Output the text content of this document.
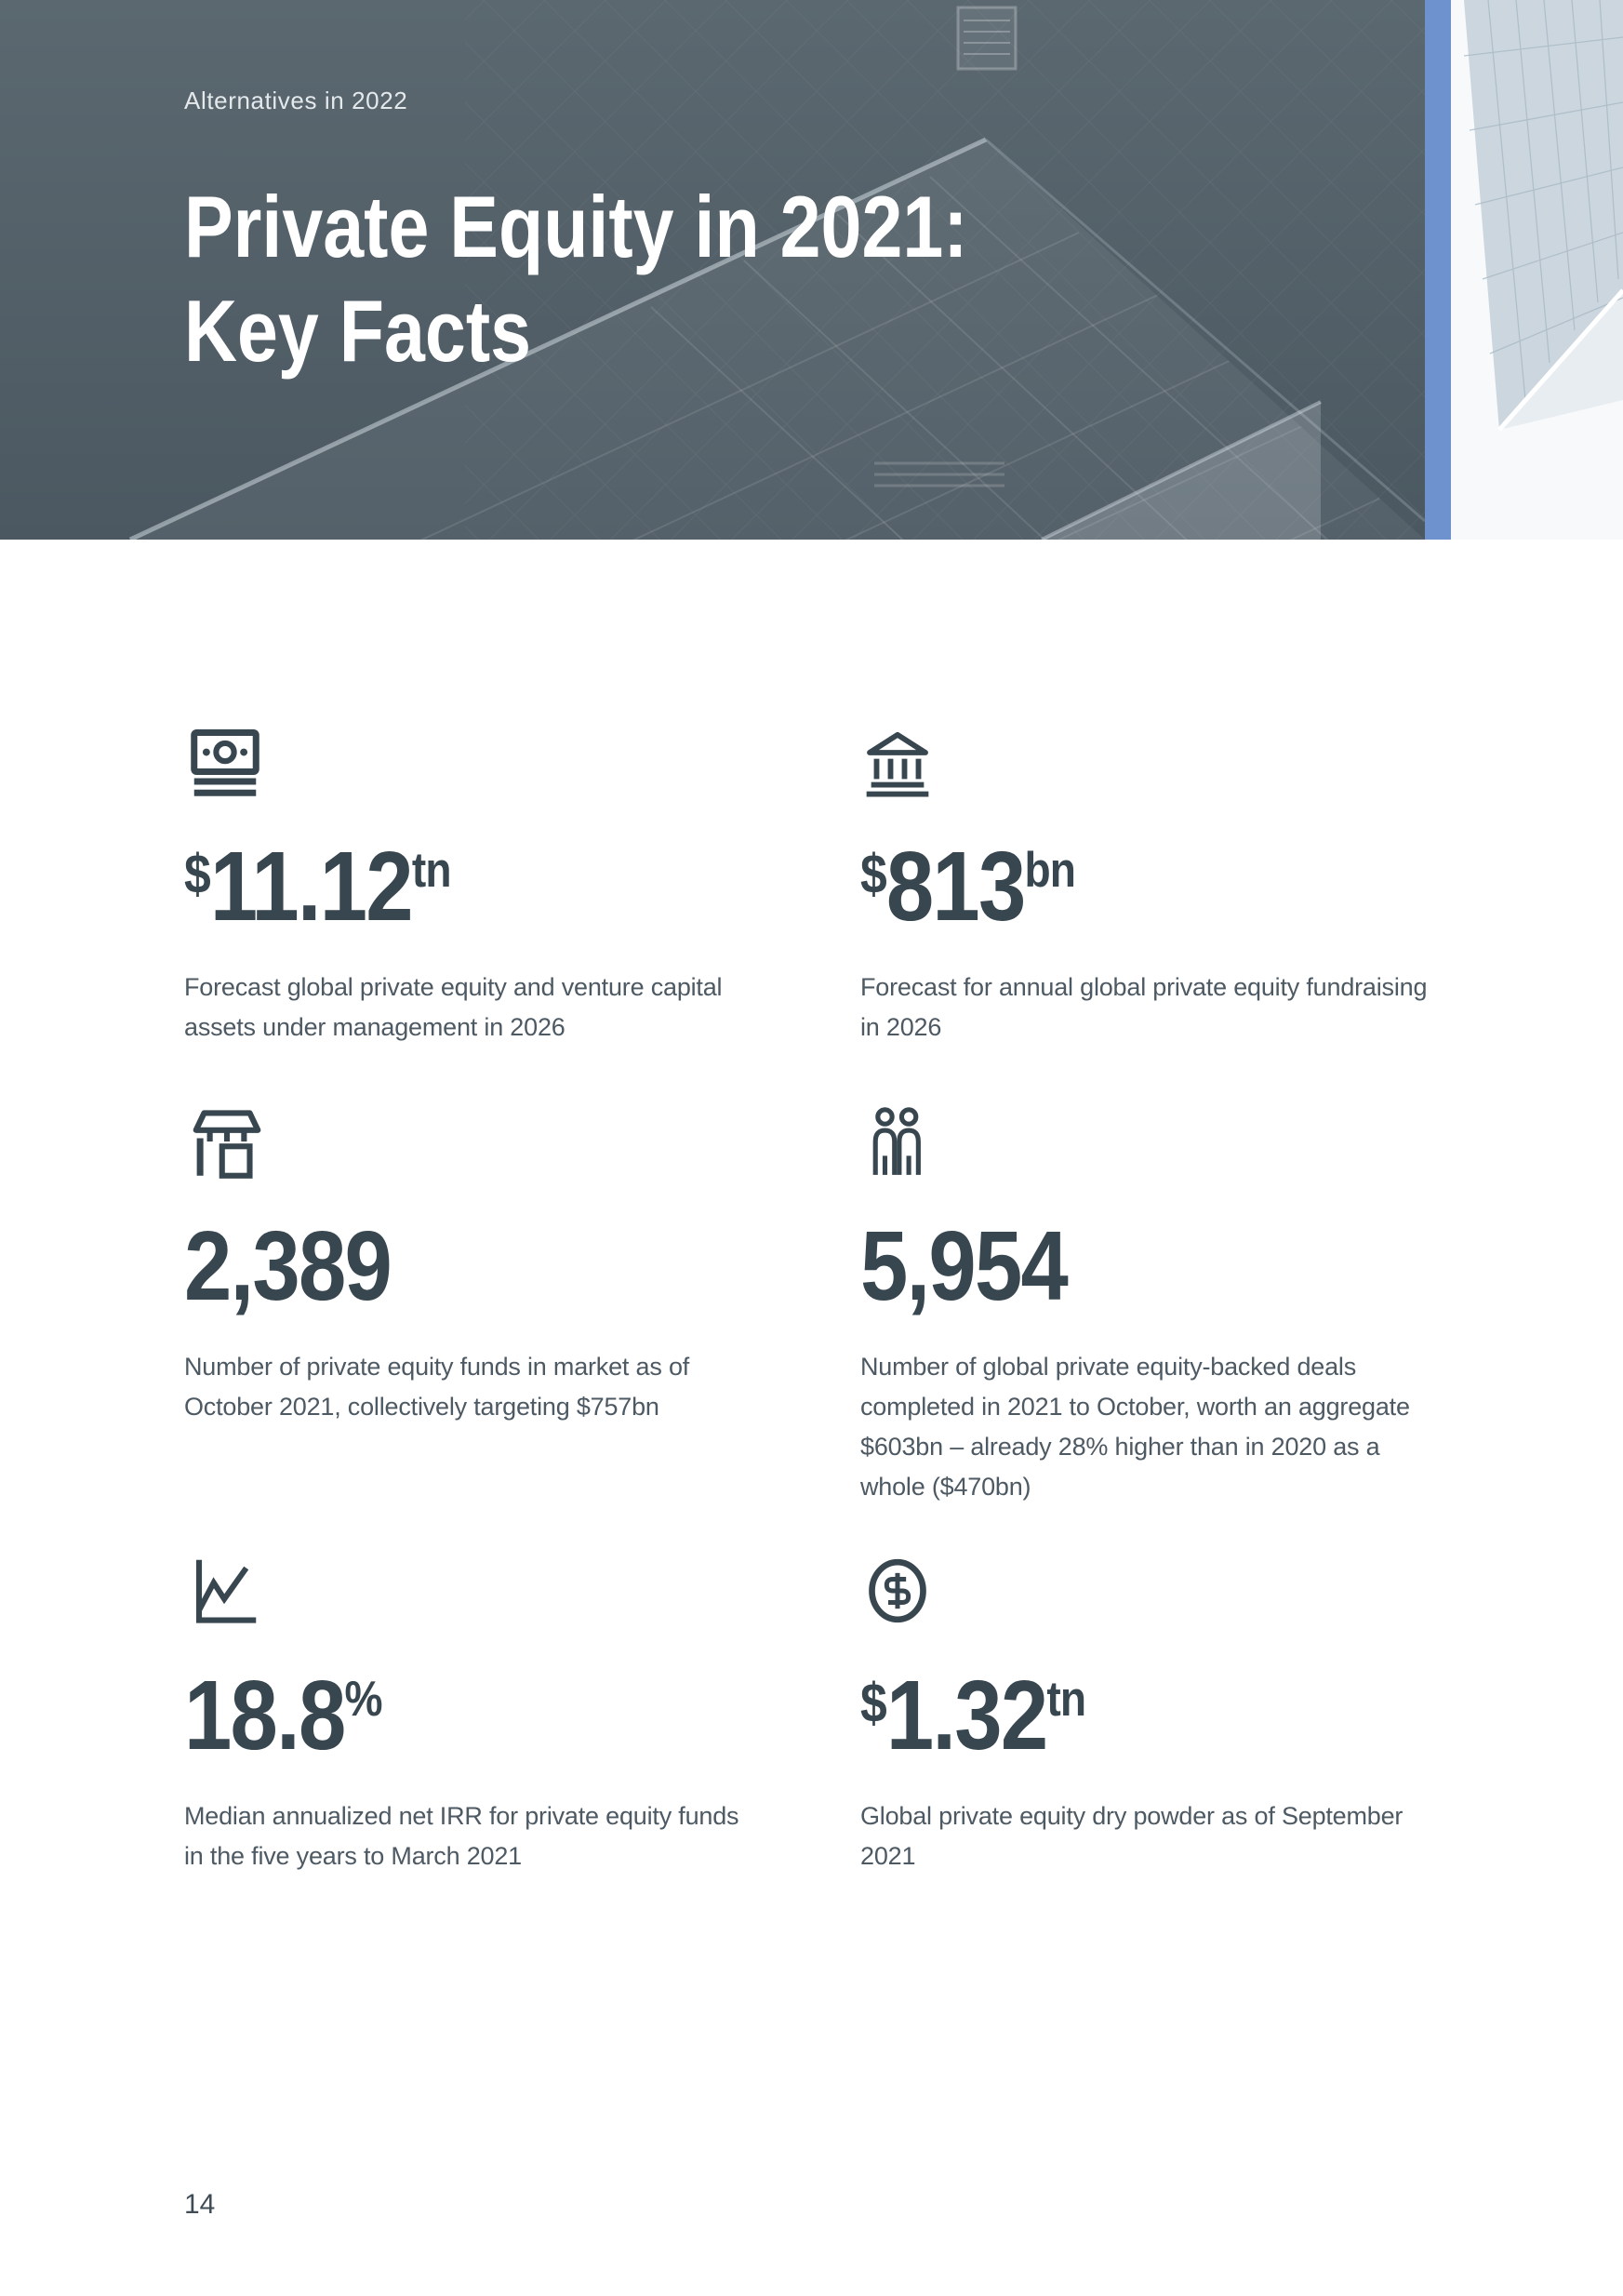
Alternatives in 2022
Private Equity in 2021:
Key Facts
$^{\$}11.12^{tn}$
Forecast global private equity and venture capital assets under management in 2026
$^{\$}813^{bn}$
Forecast for annual global private equity fundraising in 2026
2,389
Number of private equity funds in market as of October 2021, collectively targeting $757bn
5,954
Number of global private equity-backed deals completed in 2021 to October, worth an aggregate $603bn – already 28% higher than in 2020 as a whole ($470bn)
18.8%
Median annualized net IRR for private equity funds in the five years to March 2021
$^{\$}1.32^{tn}$
Global private equity dry powder as of September 2021
14
